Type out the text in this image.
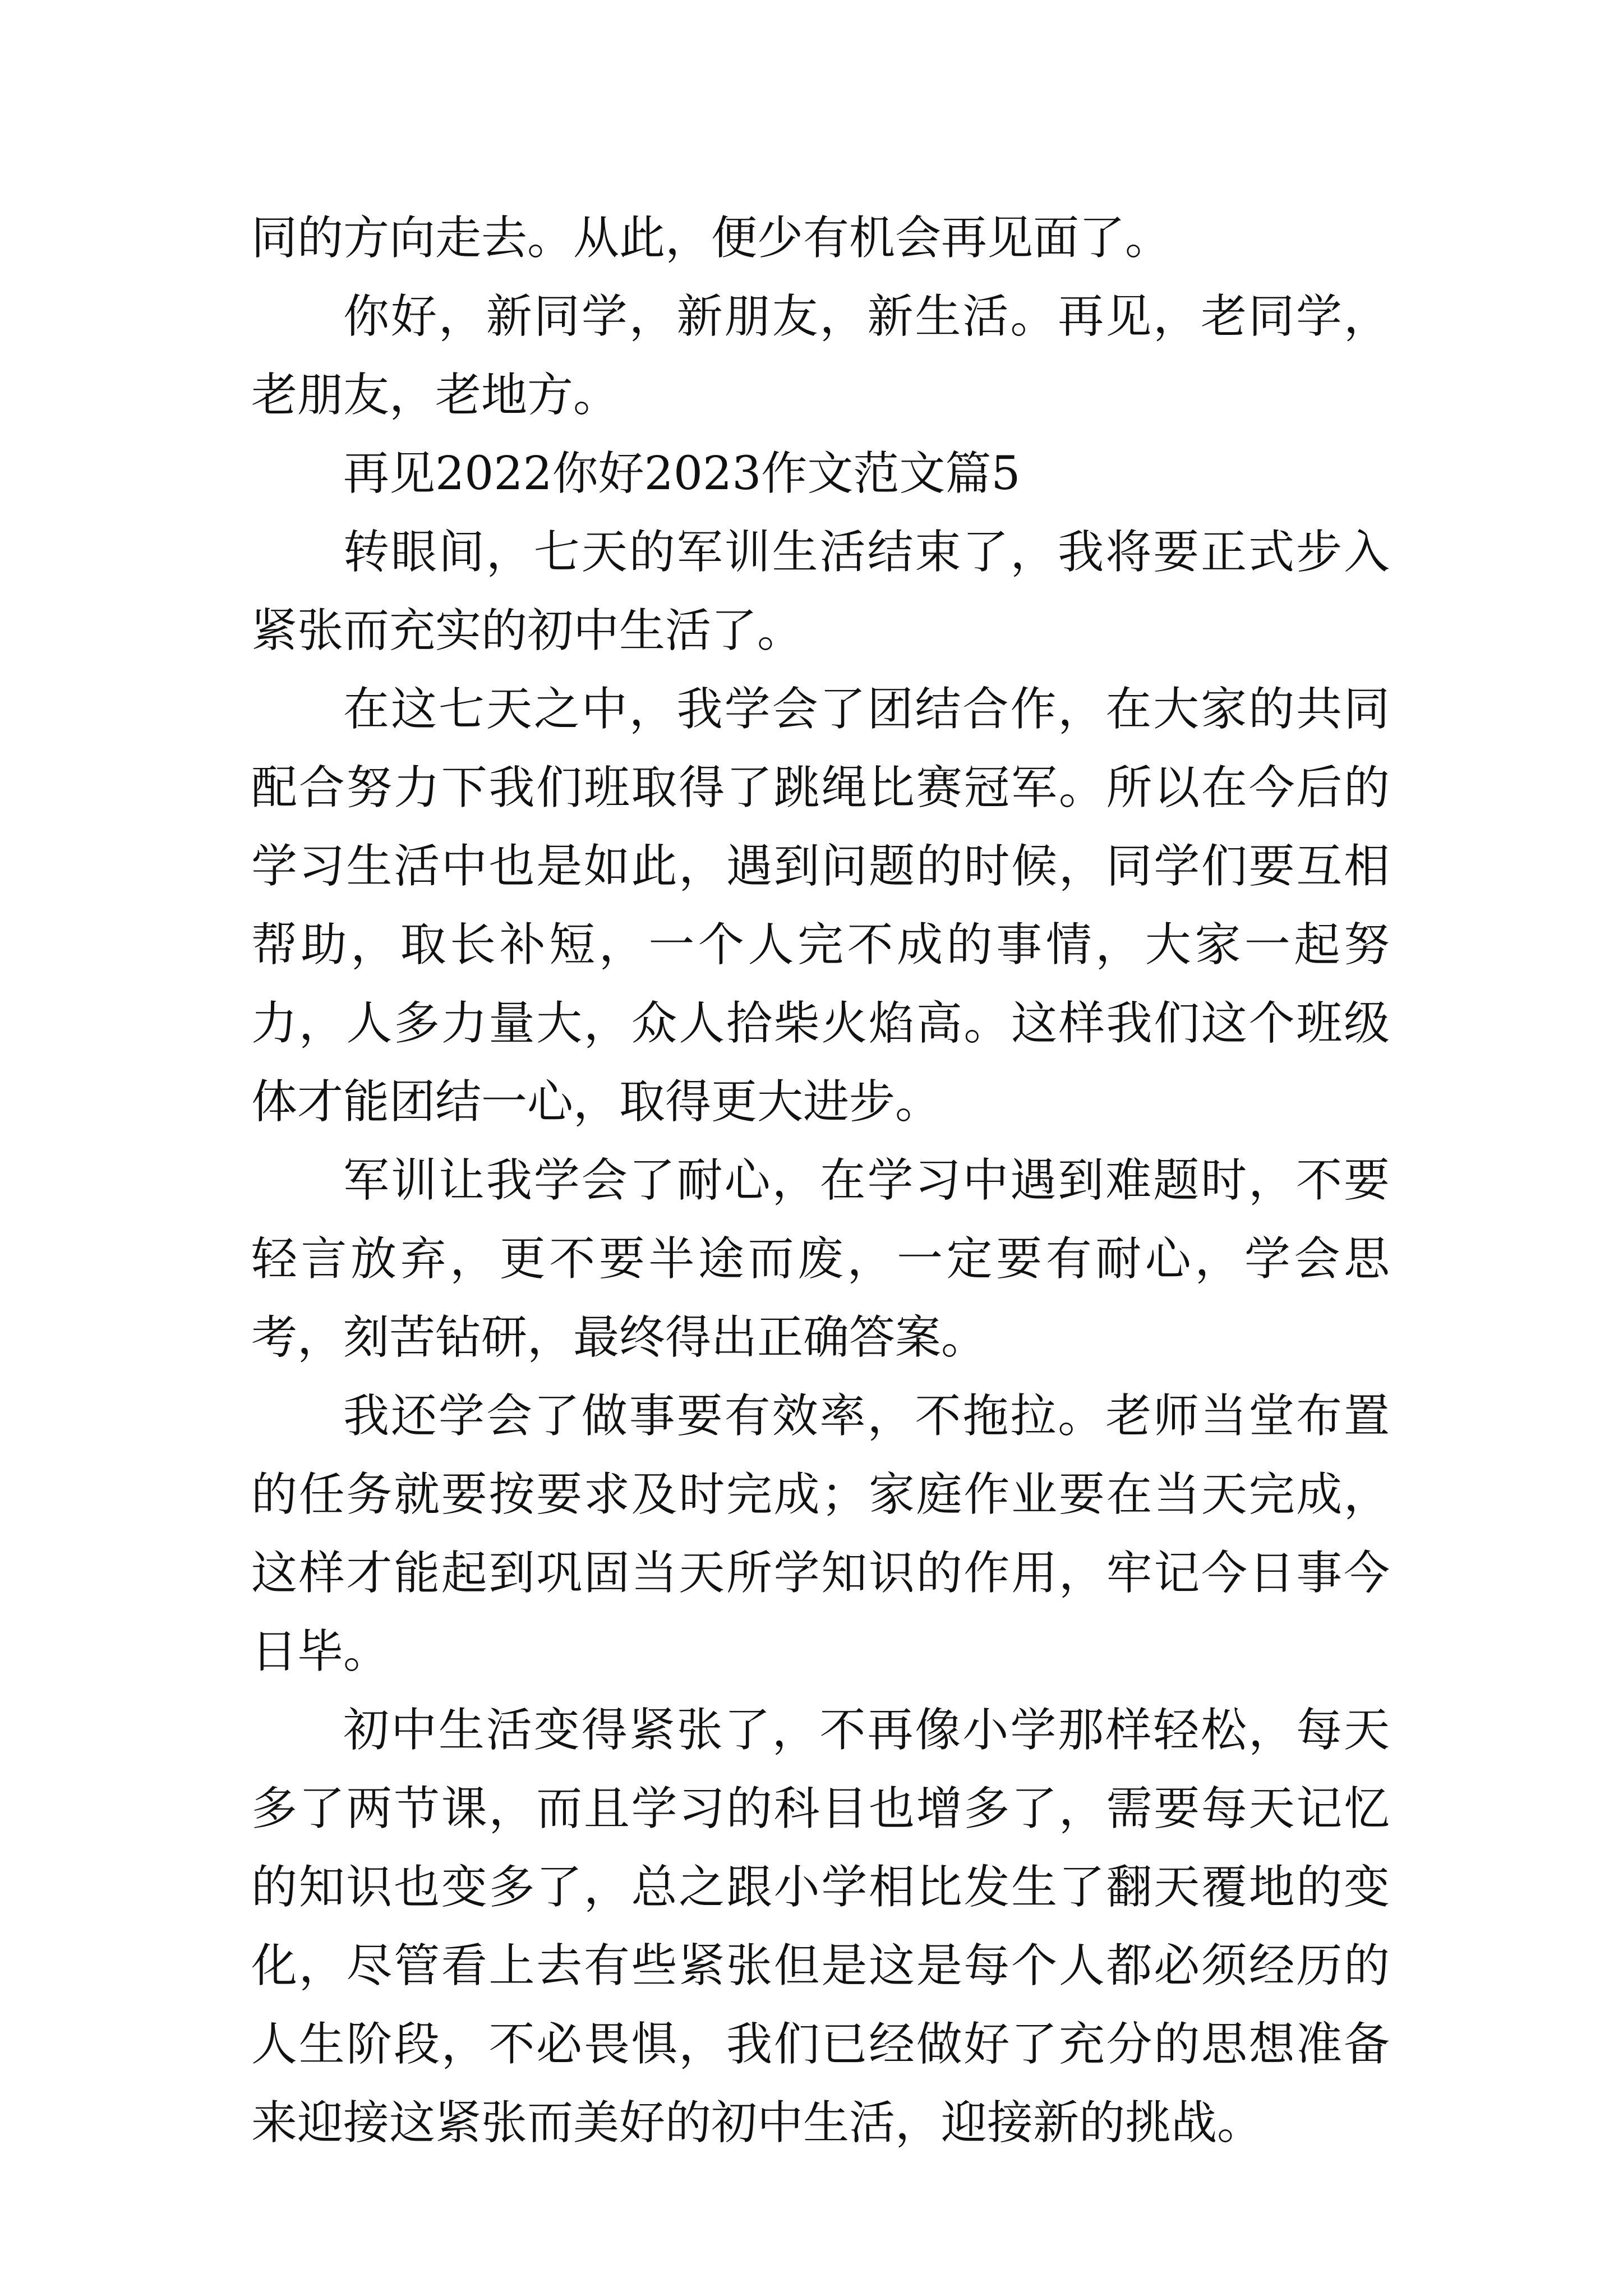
同的方向走去。从此，便少有机会再见面了。

你好，新同学，新朋友，新生活。再见，老同学，老朋友，老地方。

再见2022你好2023作文范文篇5

转眼间，七天的军训生活结束了，我将要正式步入紧张而充实的初中生活了。

在这七天之中，我学会了团结合作，在大家的共同配合努力下我们班取得了跳绳比赛冠军。所以在今后的学习生活中也是如此，遇到问题的时候，同学们要互相帮助，取长补短，一个人完不成的事情，大家一起努力，人多力量大，众人拾柴火焰高。这样我们这个班级体才能团结一心，取得更大进步。

军训让我学会了耐心，在学习中遇到难题时，不要轻言放弃，更不要半途而废，一定要有耐心，学会思考，刻苦钻研，最终得出正确答案。

我还学会了做事要有效率，不拖拉。老师当堂布置的任务就要按要求及时完成；家庭作业要在当天完成，这样才能起到巩固当天所学知识的作用，牢记今日事今日毕。

初中生活变得紧张了，不再像小学那样轻松，每天多了两节课，而且学习的科目也增多了，需要每天记忆的知识也变多了，总之跟小学相比发生了翻天覆地的变化，尽管看上去有些紧张但是这是每个人都必须经历的人生阶段，不必畏惧，我们已经做好了充分的思想准备来迎接这紧张而美好的初中生活，迎接新的挑战。
